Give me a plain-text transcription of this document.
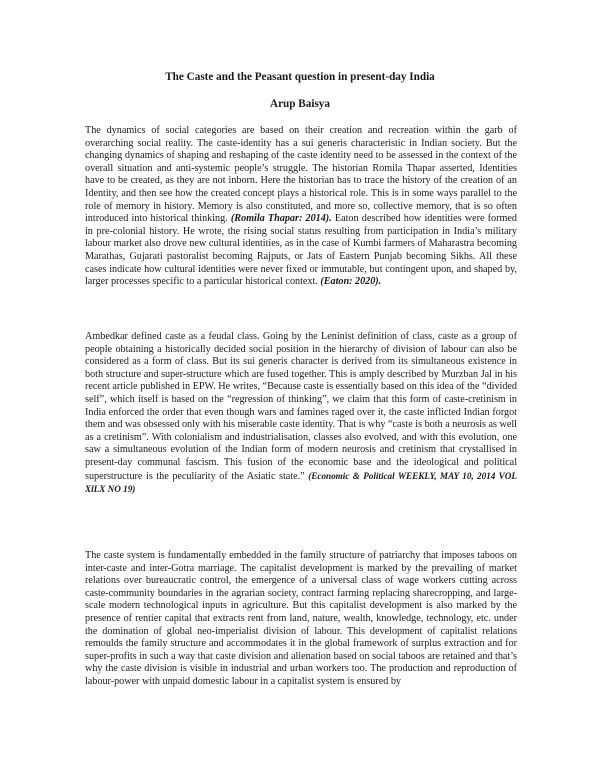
The Caste and the Peasant question in present-day India
Arup Baisya

The dynamics of social categories are based on their creation and recreation within the garb of overarching social reality. The caste-identity has a sui generis characteristic in Indian society. But the changing dynamics of shaping and reshaping of the caste identity need to be assessed in the context of the overall situation and anti-systemic people’s struggle. The historian Romila Thapar asserted, Identities have to be created, as they are not inborn. Here the historian has to trace the history of the creation of an Identity, and then see how the created concept plays a historical role. This is in some ways parallel to the role of memory in history. Memory is also constituted, and more so, collective memory, that is so often introduced into historical thinking. (Romila Thapar: 2014). Eaton described how identities were formed in pre-colonial history. He wrote, the rising social status resulting from participation in India’s military labour market also drove new cultural identities, as in the case of Kumbi farmers of Maharastra becoming Marathas, Gujarati pastoralist becoming Rajputs, or Jats of Eastern Punjab becoming Sikhs. All these cases indicate how cultural identities were never fixed or immutable, but contingent upon, and shaped by, larger processes specific to a particular historical context. (Eaton: 2020).

Ambedkar defined caste as a feudal class. Going by the Leninist definition of class, caste as a group of people obtaining a historically decided social position in the hierarchy of division of labour can also be considered as a form of class. But its sui generis character is derived from its simultaneous existence in both structure and super-structure which are fused together. This is amply described by Murzban Jal in his recent article published in EPW. He writes, “Because caste is essentially based on this idea of the “divided self”, which itself is based on the “regression of thinking”, we claim that this form of caste-cretinism in India enforced the order that even though wars and famines raged over it, the caste inflicted Indian forgot them and was obsessed only with his miserable caste identity. That is why “caste is both a neurosis as well as a cretinism”. With colonialism and industrialisation, classes also evolved, and with this evolution, one saw a simultaneous evolution of the Indian form of modern neurosis and cretinism that crystallised in present-day communal fascism. This fusion of the economic base and the ideological and political superstructure is the peculiarity of the Asiatic state.” (Economic & Political WEEKLY, MAY 10, 2014 VOL XlLX NO 19)

The caste system is fundamentally embedded in the family structure of patriarchy that imposes taboos on inter-caste and inter-Gotra marriage. The capitalist development is marked by the prevailing of market relations over bureaucratic control, the emergence of a universal class of wage workers cutting across caste-community boundaries in the agrarian society, contract farming replacing sharecropping, and large-scale modern technological inputs in agriculture. But this capitalist development is also marked by the presence of rentier capital that extracts rent from land, nature, wealth, knowledge, technology, etc. under the domination of global neo-imperialist division of labour. This development of capitalist relations remoulds the family structure and accommodates it in the global framework of surplus extraction and for super-profits in such a way that caste division and alienation based on social taboos are retained and that’s why the caste division is visible in industrial and urban workers too. The production and reproduction of labour-power with unpaid domestic labour in a capitalist system is ensured by
